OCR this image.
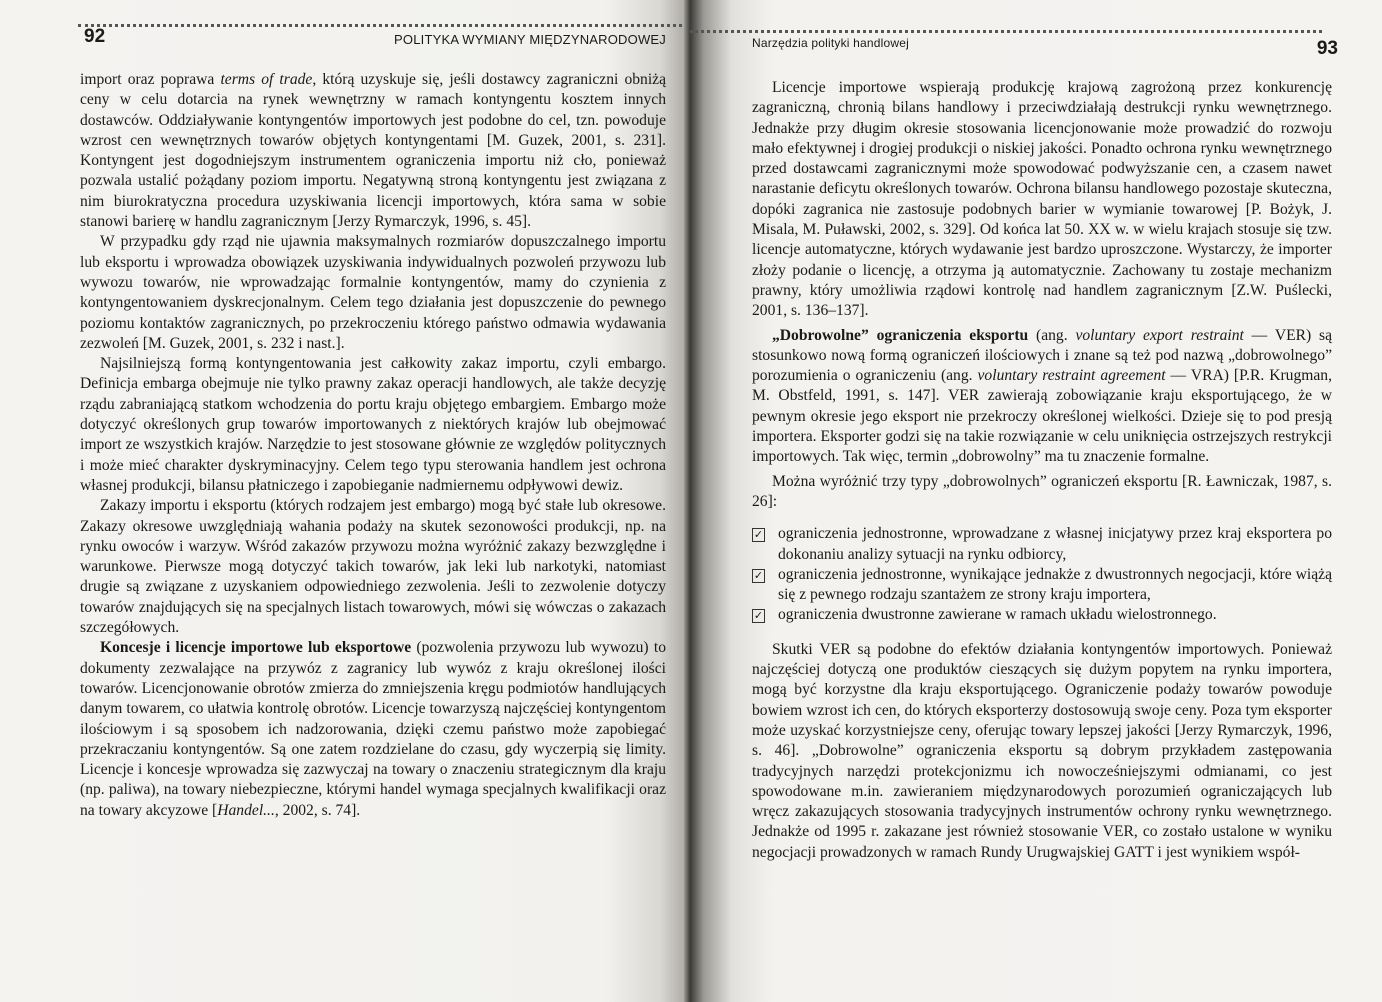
92	POLITYKA WYMIANY MIĘDZYNARODOWEJ

import oraz poprawa terms of trade, którą uzyskuje się, jeśli dostawcy zagraniczni obniżą ceny w celu dotarcia na rynek wewnętrzny w ramach kontyngentu kosztem innych dostawców. Oddziaływanie kontyngentów importowych jest podobne do cel, tzn. powoduje wzrost cen wewnętrznych towarów objętych kontyngentami [M. Guzek, 2001, s. 231]. Kontyngent jest dogodniejszym instrumentem ograniczenia importu niż cło, ponieważ pozwala ustalić pożądany poziom importu. Negatywną stroną kontyngentu jest związana z nim biurokratyczna procedura uzyskiwania licencji importowych, która sama w sobie stanowi barierę w handlu zagranicznym [Jerzy Rymarczyk, 1996, s. 45].

W przypadku gdy rząd nie ujawnia maksymalnych rozmiarów dopuszczalnego importu lub eksportu i wprowadza obowiązek uzyskiwania indywidualnych pozwoleń przywozu lub wywozu towarów, nie wprowadzając formalnie kontyngentów, mamy do czynienia z kontyngentowaniem dyskrecjonalnym. Celem tego działania jest dopuszczenie do pewnego poziomu kontaktów zagranicznych, po przekroczeniu którego państwo odmawia wydawania zezwoleń [M. Guzek, 2001, s. 232 i nast.].

Najsilniejszą formą kontyngentowania jest całkowity zakaz importu, czyli embargo. Definicja embarga obejmuje nie tylko prawny zakaz operacji handlowych, ale także decyzję rządu zabraniającą statkom wchodzenia do portu kraju objętego embargiem. Embargo może dotyczyć określonych grup towarów importowanych z niektórych krajów lub obejmować import ze wszystkich krajów. Narzędzie to jest stosowane głównie ze względów politycznych i może mieć charakter dyskryminacyjny. Celem tego typu sterowania handlem jest ochrona własnej produkcji, bilansu płatniczego i zapobieganie nadmiernemu odpływowi dewiz.

Zakazy importu i eksportu (których rodzajem jest embargo) mogą być stałe lub okresowe. Zakazy okresowe uwzględniają wahania podaży na skutek sezonowości produkcji, np. na rynku owoców i warzyw. Wśród zakazów przywozu można wyróżnić zakazy bezwzględne i warunkowe. Pierwsze mogą dotyczyć takich towarów, jak leki lub narkotyki, natomiast drugie są związane z uzyskaniem odpowiedniego zezwolenia. Jeśli to zezwolenie dotyczy towarów znajdujących się na specjalnych listach towarowych, mówi się wówczas o zakazach szczegółowych.

Koncesje i licencje importowe lub eksportowe (pozwolenia przywozu lub wywozu) to dokumenty zezwalające na przywóz z zagranicy lub wywóz z kraju określonej ilości towarów. Licencjonowanie obrotów zmierza do zmniejszenia kręgu podmiotów handlujących danym towarem, co ułatwia kontrolę obrotów. Licencje towarzyszą najczęściej kontyngentom ilościowym i są sposobem ich nadzorowania, dzięki czemu państwo może zapobiegać przekraczaniu kontyngentów. Są one zatem rozdzielane do czasu, gdy wyczerpią się limity. Licencje i koncesje wprowadza się zazwyczaj na towary o znaczeniu strategicznym dla kraju (np. paliwa), na towary niebezpieczne, którymi handel wymaga specjalnych kwalifikacji oraz na towary akcyzowe [Handel..., 2002, s. 74].

Narzędzia polityki handlowej	93

Licencje importowe wspierają produkcję krajową zagrożoną przez konkurencję zagraniczną, chronią bilans handlowy i przeciwdziałają destrukcji rynku wewnętrznego. Jednakże przy długim okresie stosowania licencjonowanie może prowadzić do rozwoju mało efektywnej i drogiej produkcji o niskiej jakości. Ponadto ochrona rynku wewnętrznego przed dostawcami zagranicznymi może spowodować podwyższanie cen, a czasem nawet narastanie deficytu określonych towarów. Ochrona bilansu handlowego pozostaje skuteczna, dopóki zagranica nie zastosuje podobnych barier w wymianie towarowej [P. Bożyk, J. Misala, M. Puławski, 2002, s. 329]. Od końca lat 50. XX w. w wielu krajach stosuje się tzw. licencje automatyczne, których wydawanie jest bardzo uproszczone. Wystarczy, że importer złoży podanie o licencję, a otrzyma ją automatycznie. Zachowany tu zostaje mechanizm prawny, który umożliwia rządowi kontrolę nad handlem zagranicznym [Z.W. Puślecki, 2001, s. 136–137].

„Dobrowolne” ograniczenia eksportu (ang. voluntary export restraint — VER) są stosunkowo nową formą ograniczeń ilościowych i znane są też pod nazwą „dobrowolnego” porozumienia o ograniczeniu (ang. voluntary restraint agreement — VRA) [P.R. Krugman, M. Obstfeld, 1991, s. 147]. VER zawierają zobowiązanie kraju eksportującego, że w pewnym okresie jego eksport nie przekroczy określonej wielkości. Dzieje się to pod presją importera. Eksporter godzi się na takie rozwiązanie w celu uniknięcia ostrzejszych restrykcji importowych. Tak więc, termin „dobrowolny” ma tu znaczenie formalne.

Można wyróżnić trzy typy „dobrowolnych” ograniczeń eksportu [R. Ławniczak, 1987, s. 26]:

✓ ograniczenia jednostronne, wprowadzane z własnej inicjatywy przez kraj eksportera po dokonaniu analizy sytuacji na rynku odbiorcy,
✓ ograniczenia jednostronne, wynikające jednakże z dwustronnych negocjacji, które wiążą się z pewnego rodzaju szantażem ze strony kraju importera,
✓ ograniczenia dwustronne zawierane w ramach układu wielostronnego.

Skutki VER są podobne do efektów działania kontyngentów importowych. Ponieważ najczęściej dotyczą one produktów cieszących się dużym popytem na rynku importera, mogą być korzystne dla kraju eksportującego. Ograniczenie podaży towarów powoduje bowiem wzrost ich cen, do których eksporterzy dostosowują swoje ceny. Poza tym eksporter może uzyskać korzystniejsze ceny, oferując towary lepszej jakości [Jerzy Rymarczyk, 1996, s. 46]. „Dobrowolne” ograniczenia eksportu są dobrym przykładem zastępowania tradycyjnych narzędzi protekcjonizmu ich nowocześniejszymi odmianami, co jest spowodowane m.in. zawieraniem międzynarodowych porozumień ograniczających lub wręcz zakazujących stosowania tradycyjnych instrumentów ochrony rynku wewnętrznego. Jednakże od 1995 r. zakazane jest również stosowanie VER, co zostało ustalone w wyniku negocjacji prowadzonych w ramach Rundy Urugwajskiej GATT i jest wynikiem współ-
